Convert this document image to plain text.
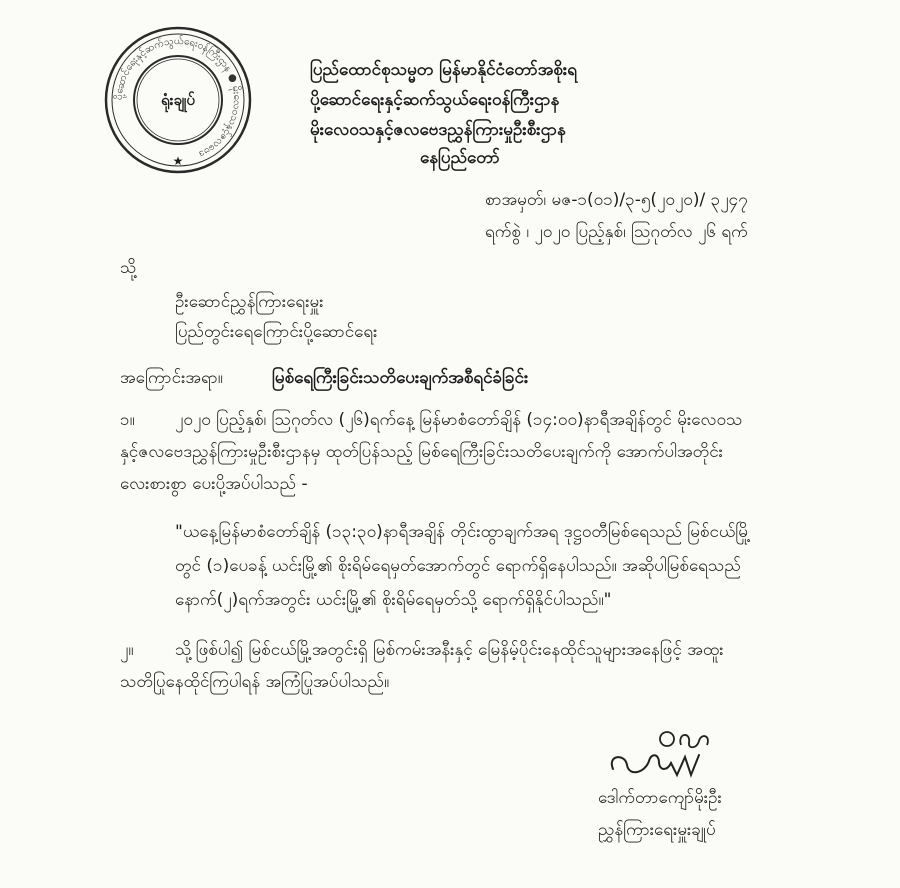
ပို့ဆောင်ရေးနှင့်ဆက်သွယ်ရေးဝန်ကြီးဌာန ● မိုးလေဝသနှင့်ဇလဗေဒ
ရုံးချုပ်
★
ပြည်ထောင်စုသမ္မတ မြန်မာနိုင်ငံတော်အစိုးရ
ပို့ဆောင်ရေးနှင့်ဆက်သွယ်ရေးဝန်ကြီးဌာန
မိုးလေဝသနှင့်ဇလဗေဒညွှန်ကြားမှုဦးစီးဌာန
နေပြည်တော်
စာအမှတ်၊ မဇ-၁(၀၁)/၃-၅(၂၀၂၀)/ ၃၂၄၇
ရက်စွဲ ၊ ၂၀၂၀ ပြည့်နှစ်၊ ဩဂုတ်လ ၂၆ ရက်
သို့
ဦးဆောင်ညွှန်ကြားရေးမှူး
ပြည်တွင်းရေကြောင်းပို့ဆောင်ရေး
အကြောင်းအရာ။	မြစ်ရေကြီးခြင်းသတိပေးချက်အစီရင်ခံခြင်း
၁။ ၂၀၂၀ ပြည့်နှစ်၊ ဩဂုတ်လ (၂၆)ရက်နေ့ မြန်မာစံတော်ချိန် (၁၄:၀၀)နာရီအချိန်တွင် မိုးလေဝသ
နှင့်ဇလဗေဒညွှန်ကြားမှုဦးစီးဌာနမှ ထုတ်ပြန်သည့် မြစ်ရေကြီးခြင်းသတိပေးချက်ကို အောက်ပါအတိုင်း
လေးစားစွာ ပေးပို့အပ်ပါသည် -
"ယနေ့မြန်မာစံတော်ချိန် (၁၃:၃၀)နာရီအချိန် တိုင်းထွာချက်အရ ဒုဋ္ဌဝတီမြစ်ရေသည် မြစ်ငယ်မြို့
တွင် (၁)ပေခန့် ယင်းမြို့၏ စိုးရိမ်ရေမှတ်အောက်တွင် ရောက်ရှိနေပါသည်။ အဆိုပါမြစ်ရေသည်
နောက်(၂)ရက်အတွင်း ယင်းမြို့၏ စိုးရိမ်ရေမှတ်သို့ ရောက်ရှိနိုင်ပါသည်။"
၂။ သို့ဖြစ်ပါ၍ မြစ်ငယ်မြို့အတွင်းရှိ မြစ်ကမ်းအနီးနှင့် မြေနိမ့်ပိုင်းနေထိုင်သူများအနေဖြင့် အထူး
သတိပြုနေထိုင်ကြပါရန် အကြံပြုအပ်ပါသည်။
ဒေါက်တာကျော်မိုးဦး
ညွှန်ကြားရေးမှူးချုပ်
